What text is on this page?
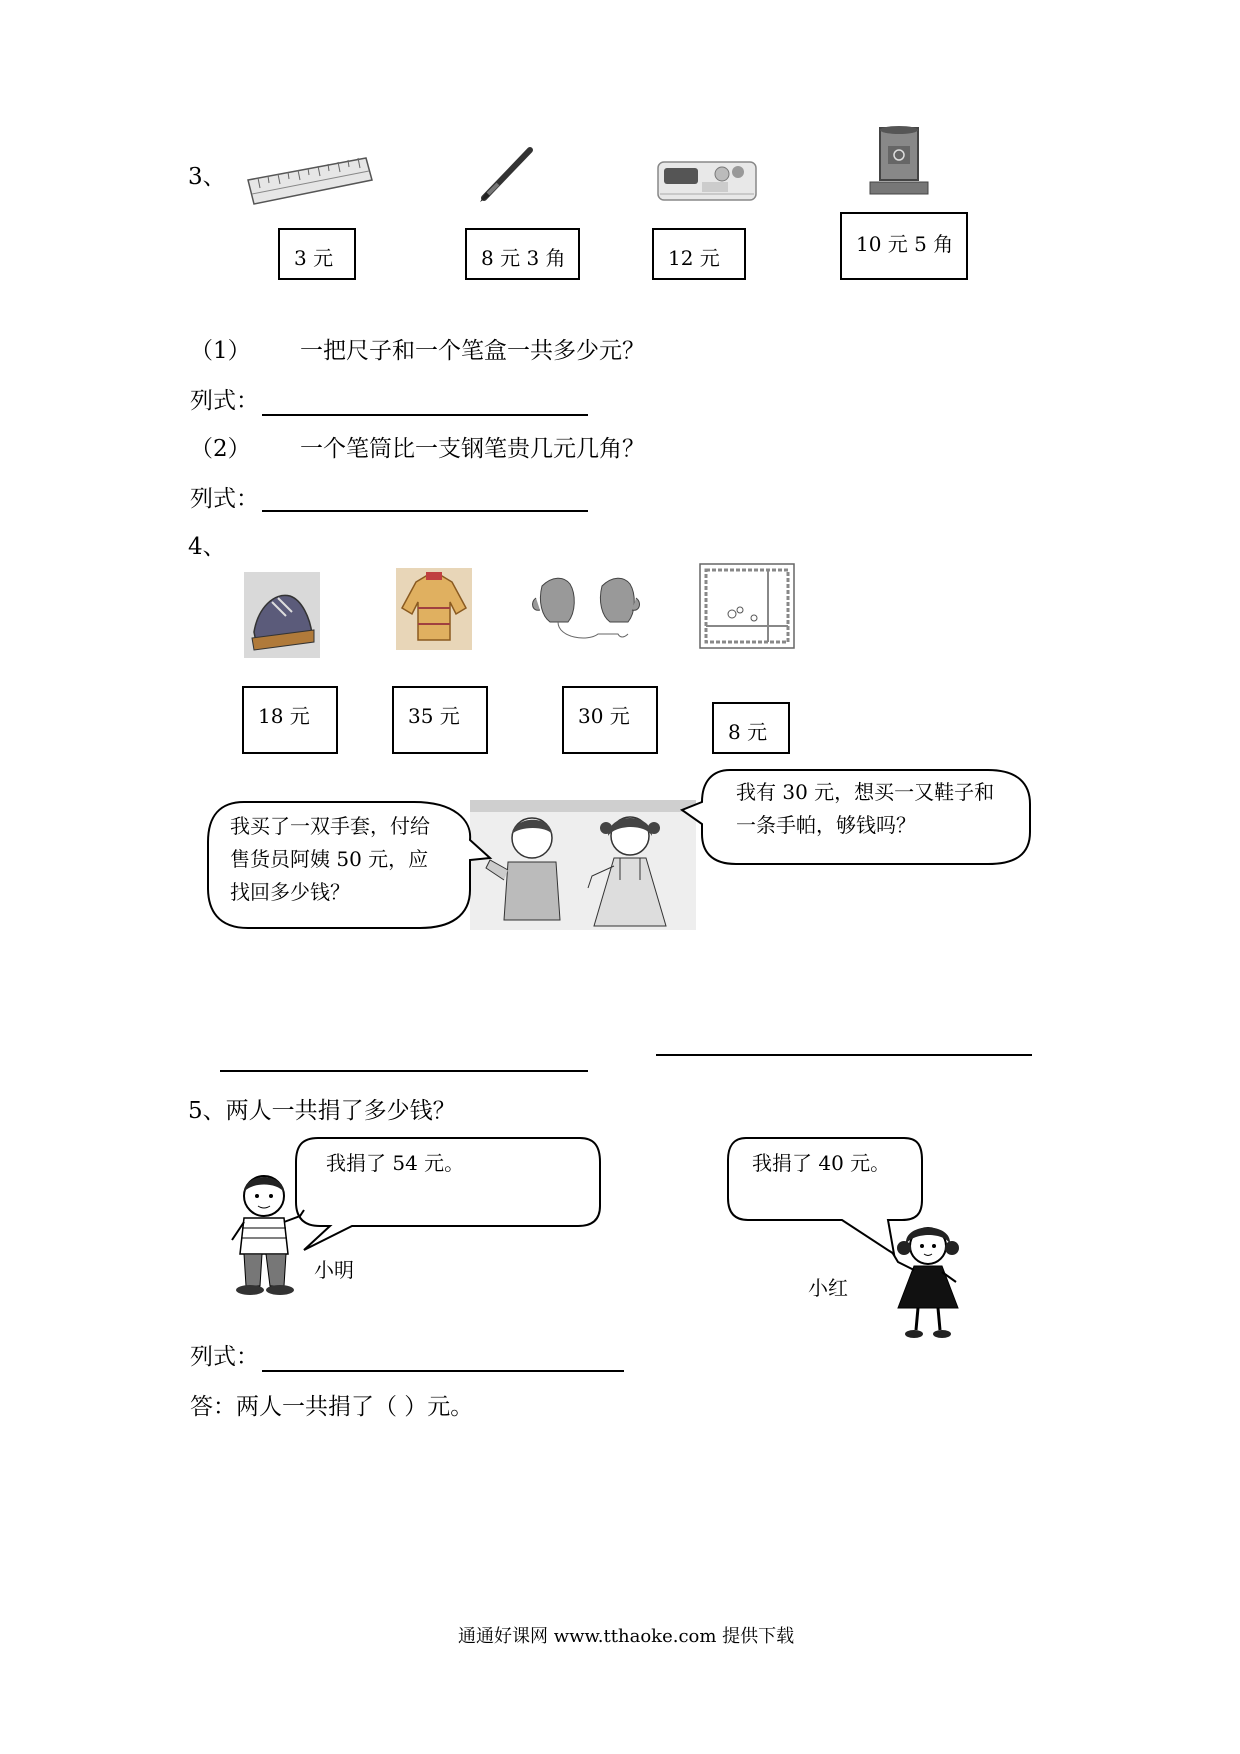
3、
3 元	8 元 3 角	12 元
10 元 5 角
（1） 一把尺子和一个笔盒一共多少元？
列式：
（2） 一个笔筒比一支钢笔贵几元几角？
列式：
4、
18 元	35 元	30 元
8 元
我买了一双手套，付给
售货员阿姨 50 元，应
找回多少钱？
我有 30 元，想买一又鞋子和
一条手帕，够钱吗？
5、两人一共捐了多少钱？
我捐了 54 元。
小明
我捐了 40 元。
小红
列式：
答：两人一共捐了（ ）元。
通通好课网 www.tthaoke.com 提供下载
